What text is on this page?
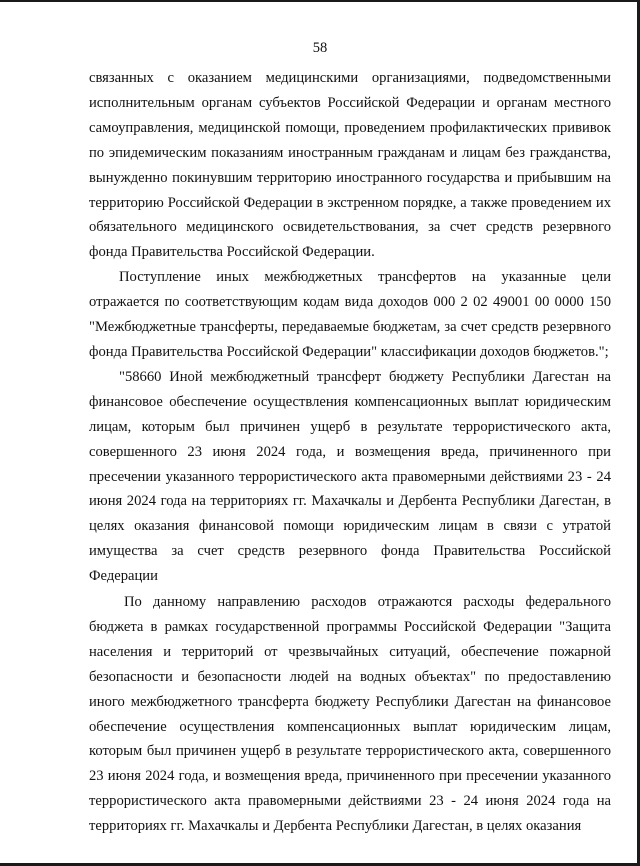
58

связанных с оказанием медицинскими организациями, подведомственными исполнительным органам субъектов Российской Федерации и органам местного самоуправления, медицинской помощи, проведением профилактических прививок по эпидемическим показаниям иностранным гражданам и лицам без гражданства, вынужденно покинувшим территорию иностранного государства и прибывшим на территорию Российской Федерации в экстренном порядке, а также проведением их обязательного медицинского освидетельствования, за счет средств резервного фонда Правительства Российской Федерации.

Поступление иных межбюджетных трансфертов на указанные цели отражается по соответствующим кодам вида доходов 000 2 02 49001 00 0000 150 "Межбюджетные трансферты, передаваемые бюджетам, за счет средств резервного фонда Правительства Российской Федерации" классификации доходов бюджетов.";

"58660 Иной межбюджетный трансферт бюджету Республики Дагестан на финансовое обеспечение осуществления компенсационных выплат юридическим лицам, которым был причинен ущерб в результате террористического акта, совершенного 23 июня 2024 года, и возмещения вреда, причиненного при пресечении указанного террористического акта правомерными действиями 23 - 24 июня 2024 года на территориях гг. Махачкалы и Дербента Республики Дагестан, в целях оказания финансовой помощи юридическим лицам в связи с утратой имущества за счет средств резервного фонда Правительства Российской Федерации

По данному направлению расходов отражаются расходы федерального бюджета в рамках государственной программы Российской Федерации "Защита населения и территорий от чрезвычайных ситуаций, обеспечение пожарной безопасности и безопасности людей на водных объектах" по предоставлению иного межбюджетного трансферта бюджету Республики Дагестан на финансовое обеспечение осуществления компенсационных выплат юридическим лицам, которым был причинен ущерб в результате террористического акта, совершенного 23 июня 2024 года, и возмещения вреда, причиненного при пресечении указанного террористического акта правомерными действиями 23 - 24 июня 2024 года на территориях гг. Махачкалы и Дербента Республики Дагестан, в целях оказания
